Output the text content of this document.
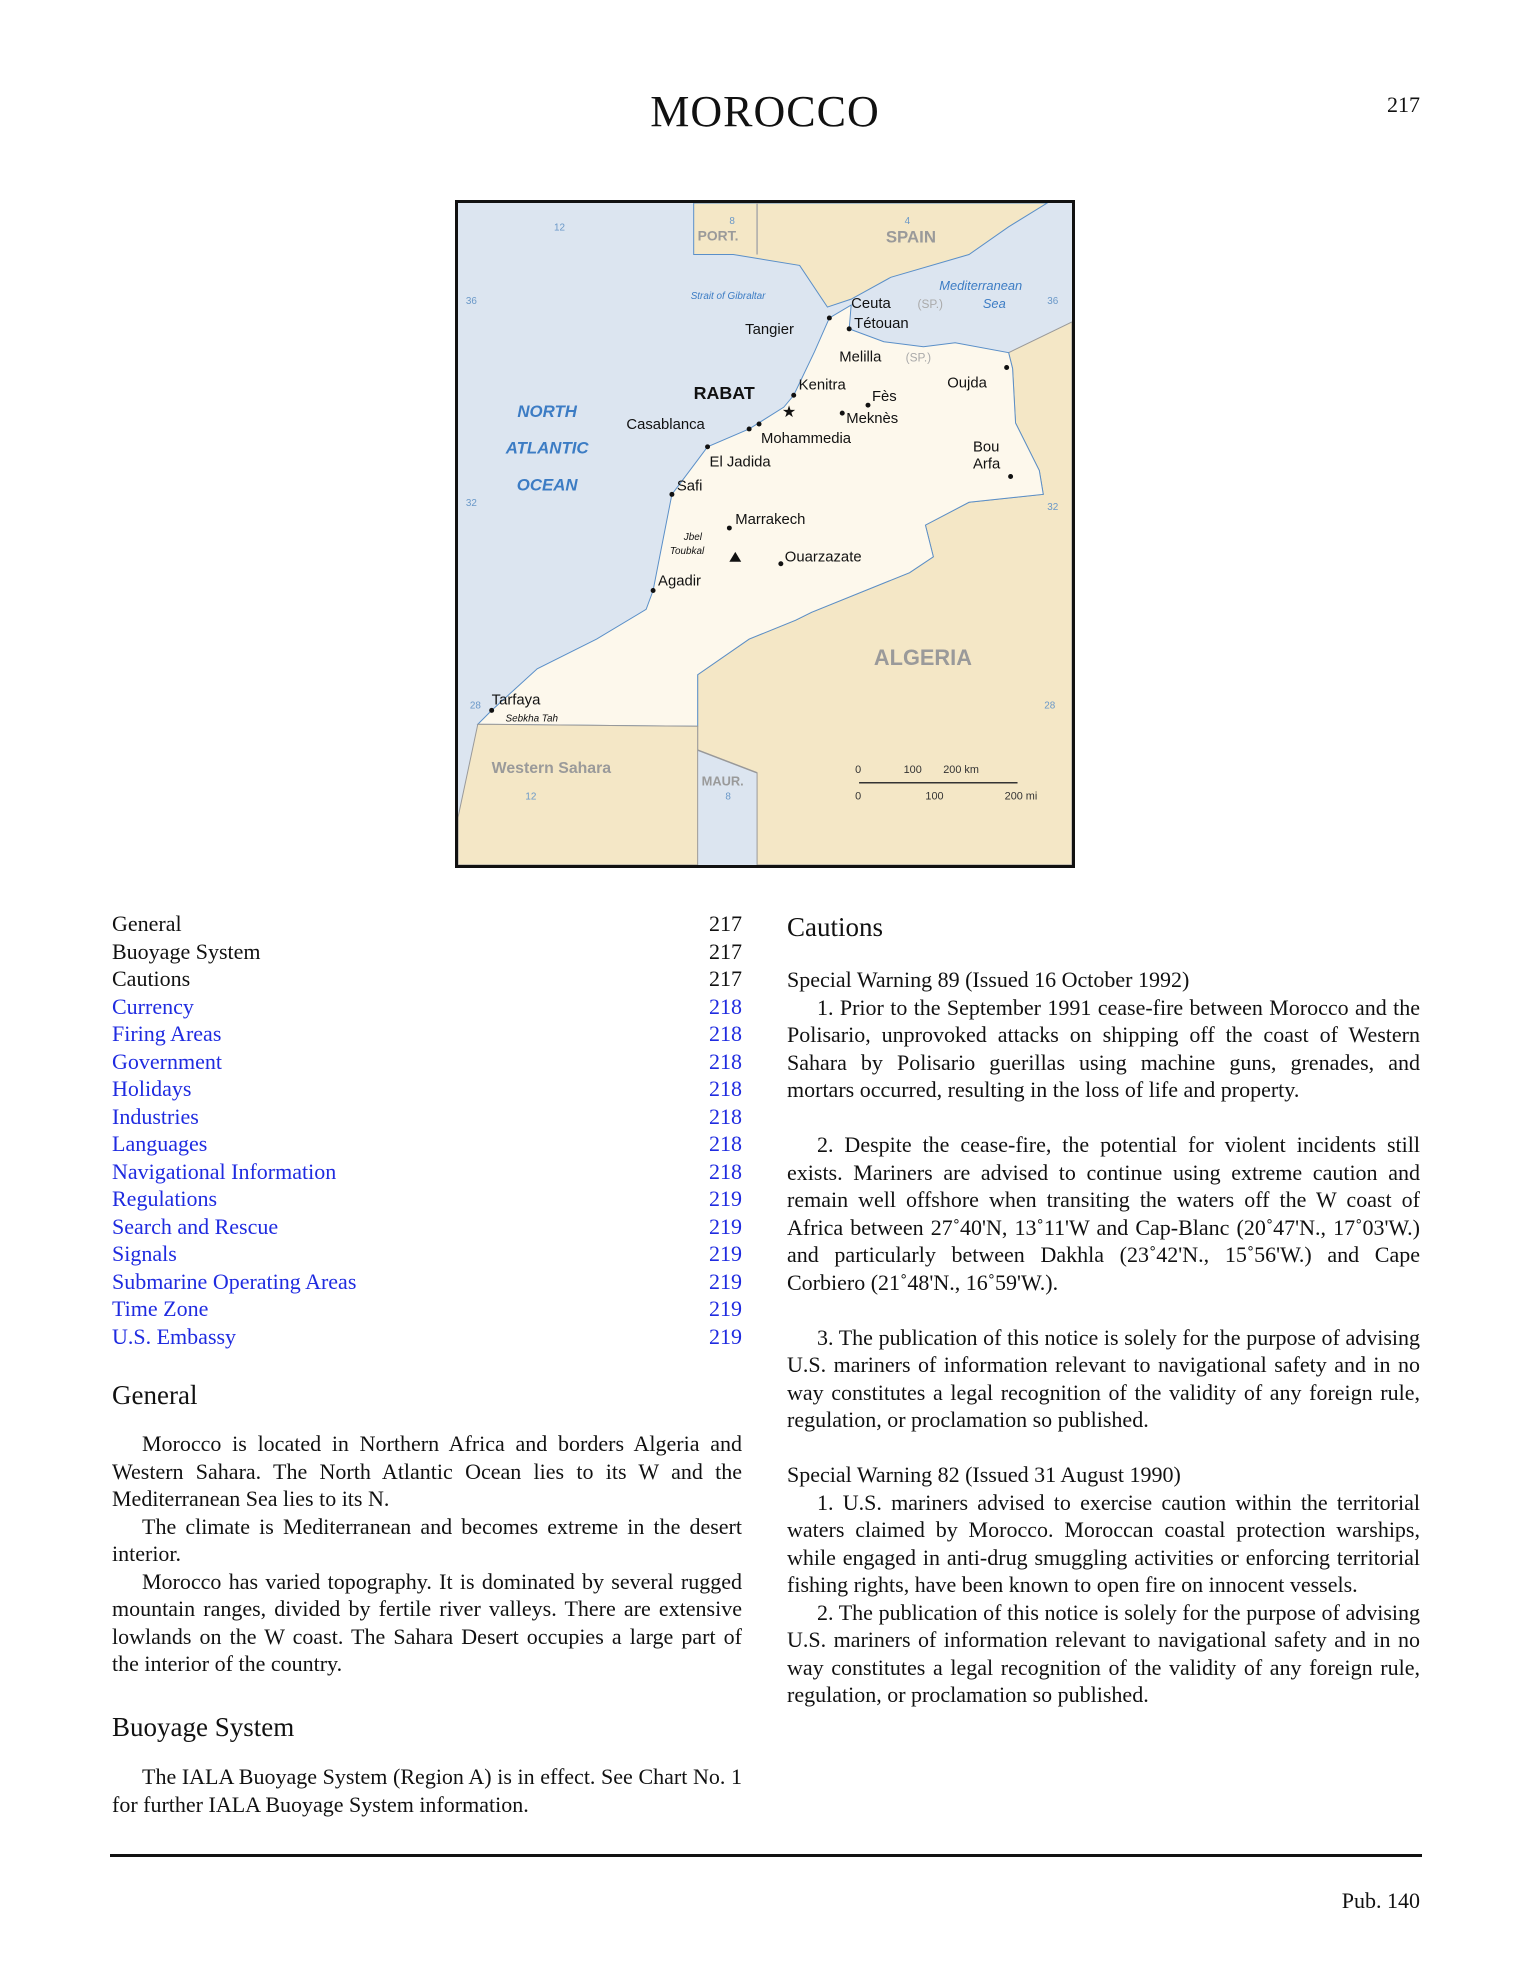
MOROCCO	217
SPAIN
PORT.
ALGERIA
Western Sahara
MAUR.
NORTH
ATLANTIC
OCEAN
Strait of Gibraltar
Mediterranean
Sea
12
8	4
36	36
32	32
28	28
12	8
RABAT
★
Ceuta (SP.)
Tangier	Tétouan
Melilla (SP.)
Kenitra
Fès
Oujda
Casablanca	Meknès
Mohammedia
El Jadida
Bou
Arfa
Safi
Marrakech
Jbel
Toubkal	Ouarzazate
Agadir
Tarfaya
Sebkha Tah
0	100 200 km
0	100	200 mi
General	217
Buoyage System	217
Cautions	217
Currency	218
Firing Areas	218
Government	218
Holidays	218
Industries	218
Languages	218
Navigational Information	218
Regulations	219
Search and Rescue	219
Signals	219
Submarine Operating Areas	219
Time Zone	219
U.S. Embassy	219
General

Morocco is located in Northern Africa and borders Algeria and Western Sahara. The North Atlantic Ocean lies to its W and the Mediterranean Sea lies to its N.

The climate is Mediterranean and becomes extreme in the desert interior.

Morocco has varied topography. It is dominated by several rugged mountain ranges, divided by fertile river valleys. There are extensive lowlands on the W coast. The Sahara Desert occupies a large part of the interior of the country.

Buoyage System

The IALA Buoyage System (Region A) is in effect. See Chart No. 1 for further IALA Buoyage System information.

Cautions

Special Warning 89 (Issued 16 October 1992)

1. Prior to the September 1991 cease-fire between Morocco and the Polisario, unprovoked attacks on shipping off the coast of Western Sahara by Polisario guerillas using machine guns, grenades, and mortars occurred, resulting in the loss of life and property.

2. Despite the cease-fire, the potential for violent incidents still exists. Mariners are advised to continue using extreme caution and remain well offshore when transiting the waters off the W coast of Africa between 27˚40'N, 13˚11'W and Cap-Blanc (20˚47'N., 17˚03'W.) and particularly between Dakhla (23˚42'N., 15˚56'W.) and Cape Corbiero (21˚48'N., 16˚59'W.).

3. The publication of this notice is solely for the purpose of advising U.S. mariners of information relevant to navigational safety and in no way constitutes a legal recognition of the validity of any foreign rule, regulation, or proclamation so published.

Special Warning 82 (Issued 31 August 1990)

1. U.S. mariners advised to exercise caution within the territorial waters claimed by Morocco. Moroccan coastal protection warships, while engaged in anti-drug smuggling activities or enforcing territorial fishing rights, have been known to open fire on innocent vessels.

2. The publication of this notice is solely for the purpose of advising U.S. mariners of information relevant to navigational safety and in no way constitutes a legal recognition of the validity of any foreign rule, regulation, or proclamation so published.

Pub. 140
